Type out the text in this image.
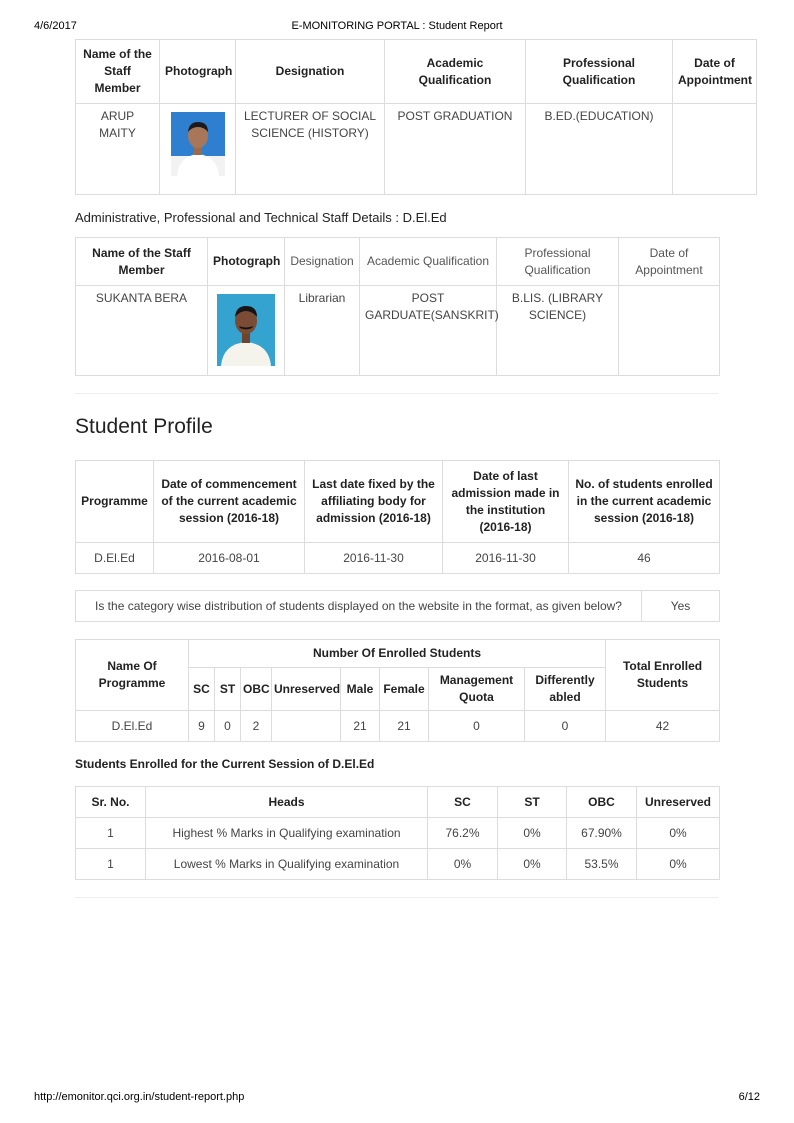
4/6/2017	E-MONITORING PORTAL : Student Report
Name of the Staff Member	Photograph	Designation	Academic Qualification	Professional Qualification	Date of Appointment
ARUP MAITY		LECTURER OF SOCIAL SCIENCE (HISTORY)	POST GRADUATION	B.ED.(EDUCATION)	
Administrative, Professional and Technical Staff Details : D.El.Ed
Name of the Staff Member	Photograph	Designation	Academic Qualification	Professional Qualification	Date of Appointment
SUKANTA BERA		Librarian	POST GARDUATE(SANSKRIT)	B.LIS. (LIBRARY SCIENCE)	
Student Profile
Programme	Date of commencement of the current academic session (2016-18)	Last date fixed by the affiliating body for admission (2016-18)	Date of last admission made in the institution (2016-18)	No. of students enrolled in the current academic session (2016-18)
D.El.Ed	2016-08-01	2016-11-30	2016-11-30	46
Is the category wise distribution of students displayed on the website in the format, as given below?	Yes
Name Of Programme	Number Of Enrolled Students								Total Enrolled Students
	SC	ST	OBC	Unreserved	Male	Female	Management Quota	Differently abled	
D.El.Ed	9	0	2		21	21	0	0	42
Students Enrolled for the Current Session of D.El.Ed
Sr. No.	Heads	SC	ST	OBC	Unreserved
1	Highest % Marks in Qualifying examination	76.2%	0%	67.90%	0%
1	Lowest % Marks in Qualifying examination	0%	0%	53.5%	0%
http://emonitor.qci.org.in/student-report.php	6/12
